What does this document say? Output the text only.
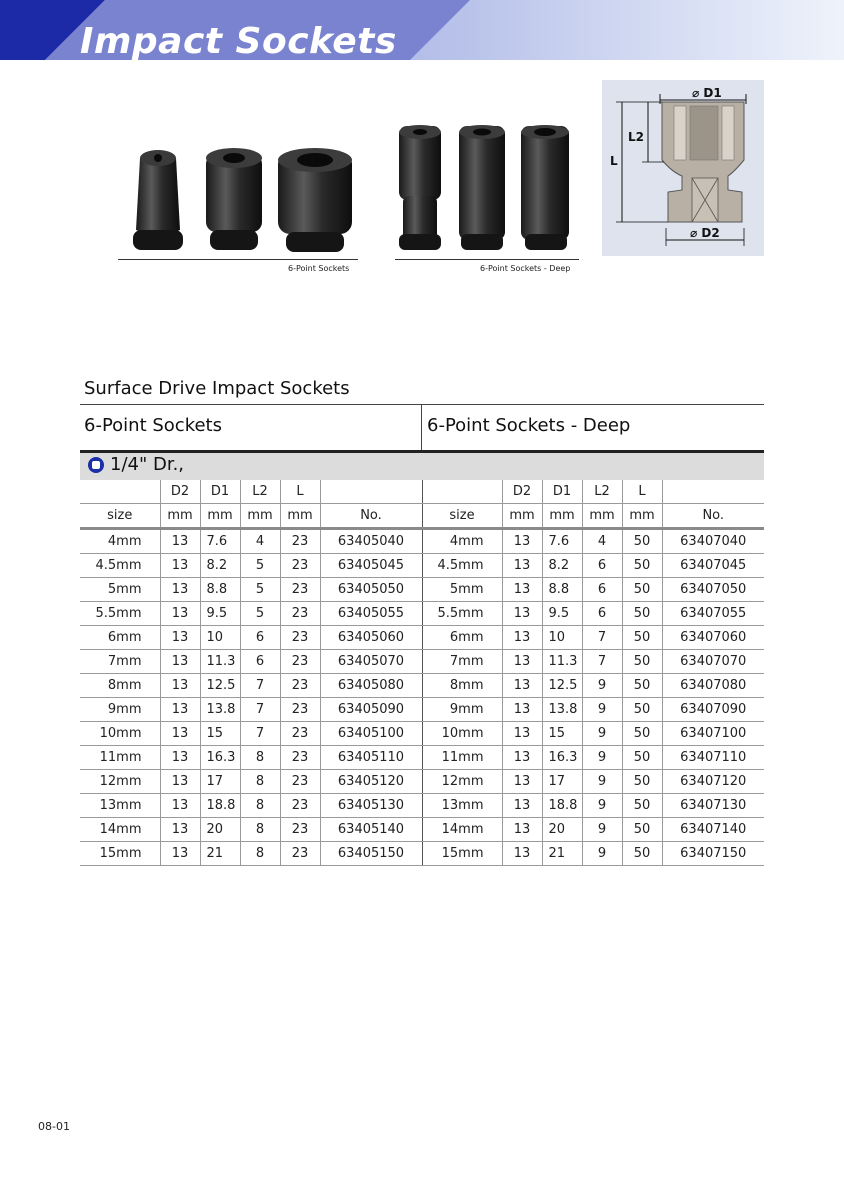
Impact Sockets
6-Point Sockets	6-Point Sockets - Deep
⌀ D1
⌀ D2
L2
L
Surface Drive Impact Sockets
6-Point Sockets	6-Point Sockets - Deep
1/4" Dr.,
	D2	D1	L2	L			D2	D1	L2	L	
size	mm	mm	mm	mm	No.	size	mm	mm	mm	mm	No.
4mm	13	7.6	4	23	63405040	4mm	13	7.6	4	50	63407040
4.5mm	13	8.2	5	23	63405045	4.5mm	13	8.2	6	50	63407045
5mm	13	8.8	5	23	63405050	5mm	13	8.8	6	50	63407050
5.5mm	13	9.5	5	23	63405055	5.5mm	13	9.5	6	50	63407055
6mm	13	10	6	23	63405060	6mm	13	10	7	50	63407060
7mm	13	11.3	6	23	63405070	7mm	13	11.3	7	50	63407070
8mm	13	12.5	7	23	63405080	8mm	13	12.5	9	50	63407080
9mm	13	13.8	7	23	63405090	9mm	13	13.8	9	50	63407090
10mm	13	15	7	23	63405100	10mm	13	15	9	50	63407100
11mm	13	16.3	8	23	63405110	11mm	13	16.3	9	50	63407110
12mm	13	17	8	23	63405120	12mm	13	17	9	50	63407120
13mm	13	18.8	8	23	63405130	13mm	13	18.8	9	50	63407130
14mm	13	20	8	23	63405140	14mm	13	20	9	50	63407140
15mm	13	21	8	23	63405150	15mm	13	21	9	50	63407150
08-01
